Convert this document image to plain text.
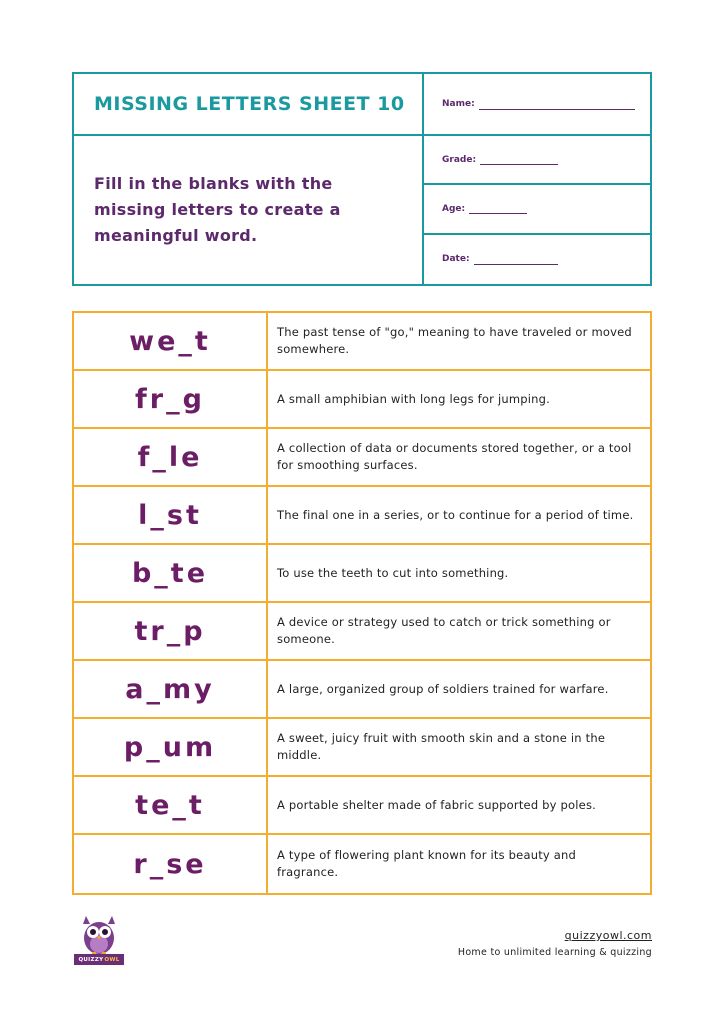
MISSING LETTERS SHEET 10	Name:
Fill in the blanks with the missing letters to create a meaningful word.
Grade:
Age:
Date:
we_t	The past tense of "go," meaning to have traveled or moved somewhere.
fr_g	A small amphibian with long legs for jumping.
f_le	A collection of data or documents stored together, or a tool for smoothing surfaces.
l_st	The final one in a series, or to continue for a period of time.
b_te	To use the teeth to cut into something.
tr_p	A device or strategy used to catch or trick something or someone.
a_my	A large, organized group of soldiers trained for warfare.
p_um	A sweet, juicy fruit with smooth skin and a stone in the middle.
te_t	A portable shelter made of fabric supported by poles.
r_se	A type of flowering plant known for its beauty and fragrance.
QUIZZY OWL
quizzyowl.com
Home to unlimited learning & quizzing
